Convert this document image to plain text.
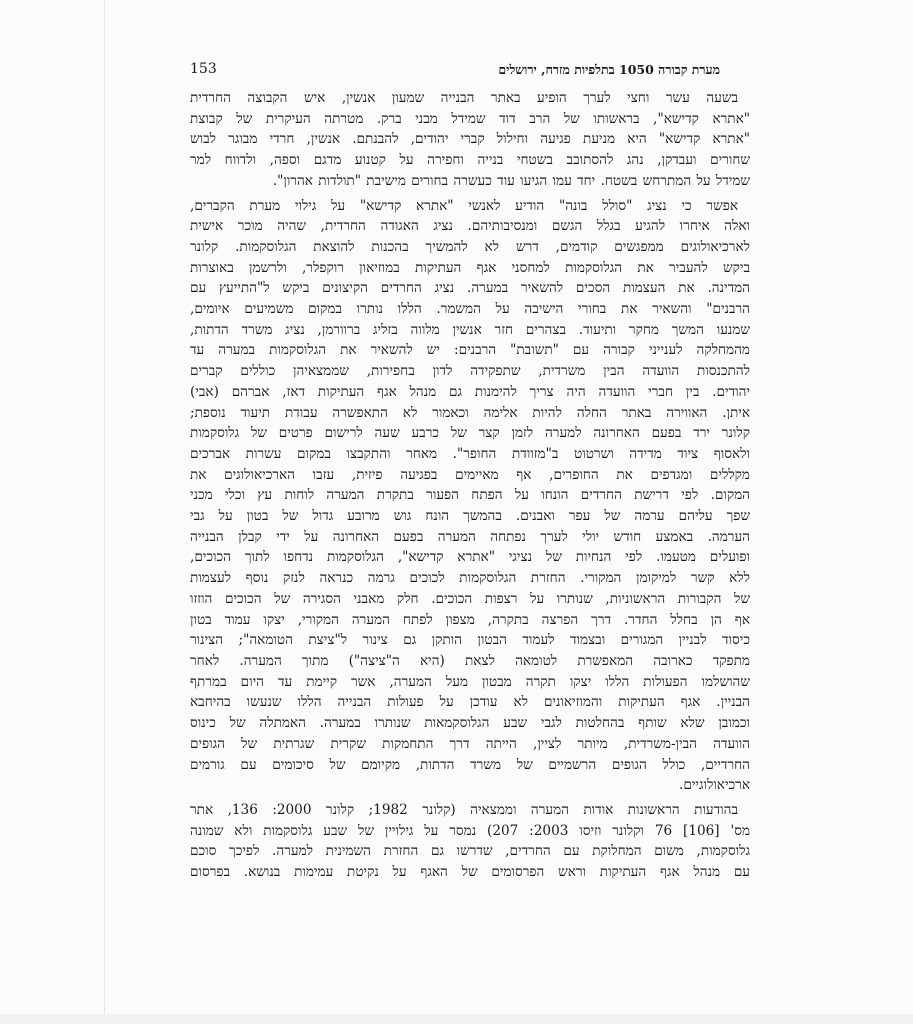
153	מערת קבורה 1050 בתלפיות מזרח, ירושלים

בשעה עשר וחצי לערך הופיע באתר הבנייה שמעון אנשין, איש הקבוצה החרדית
"אתרא קדישא", בראשותו של הרב דוד שמידל מבני ברק. מטרתה העיקרית של קבוצת
"אתרא קדישא" היא מניעת פגיעה וחילול קברי יהודים, להבנתם. אנשין, חרדי מבוגר לבוש
שחורים ועבדקן, נהג להסתובב בשטחי בנייה וחפירה על קטנוע מדגם וספה, ולדווח למר
שמידל על המתרחש בשטח. יחד עמו הגיעו עוד כעשרה בחורים מישיבת "תולדות אהרון".

אפשר כי נציג "סולל בונה" הודיע לאנשי "אתרא קדישא" על גילוי מערת הקברים,
ואלה איחרו להגיע בגלל הגשם ומנסיבותיהם. נציג האגודה החרדית, שהיה מוכר אישית
לארכיאולוגים ממפגשים קודמים, דרש לא להמשיך בהכנות להוצאת הגלוסקמות. קלונר
ביקש להעביר את הגלוסקמות למחסני אגף העתיקות במוזיאון רוקפלר, ולרשמן באוצרות
המדינה. את העצמות הסכים להשאיר במערה. נציג החרדים הקיצונים ביקש ל"התייעץ עם
הרבנים" והשאיר את בחורי הישיבה על המשמר. הללו נותרו במקום משמיעים איומים,
שמנעו המשך מחקר ותיעוד. בצהרים חזר אנשין מלווה בזליג ברוורמן, נציג משרד הדתות,
מהמחלקה לענייני קבורה עם "תשובת" הרבנים: יש להשאיר את הגלוסקמות במערה עד
להתכנסות הוועדה הבין משרדית, שתפקידה לדון בחפירות, שממצאיהן כוללים קברים
יהודים. בין חברי הוועדה היה צריך להימנות גם מנהל אגף העתיקות דאז, אברהם (אבי)
איתן. האווירה באתר החלה להיות אלימה וכאמור לא התאפשרה עבודת תיעוד נוספת;
קלונר ירד בפעם האחרונה למערה לזמן קצר של כרבע שעה לרישום פרטים של גלוסקמות
ולאסוף ציוד מדידה ושרטוט ב"מזוודת החופר". מאחר והתקבצו במקום עשרות אברכים
מקללים ומגדפים את החופרים, אף מאיימים בפגיעה פיזית, עזבו הארכיאולוגים את
המקום. לפי דרישת החרדים הונחו על הפתח הפעור בתקרת המערה לוחות עץ וכלי מכני
שפך עליהם ערמה של עפר ואבנים. בהמשך הונח גוש מרובע גדול של בטון על גבי
הערמה. באמצע חודש יולי לערך נפתחה המערה בפעם האחרונה על ידי קבלן הבנייה
ופועלים מטעמו. לפי הנחיות של נציגי "אתרא קדישא", הגלוסקמות נדחפו לתוך הכוכים,
ללא קשר למיקומן המקורי. החזרת הגלוסקמות לכוכים גרמה כנראה לנזק נוסף לעצמות
של הקבורות הראשוניות, שנותרו על רצפות הכוכים. חלק מאבני הסגירה של הכוכים הוזזו
אף הן בחלל החדר. דרך הפרצה בתקרה, מצפון לפתח המערה המקורי, יצקו עמוד בטון
כיסוד לבניין המגורים ובצמוד לעמוד הבטון הותקן גם צינור ל"ציצת הטומאה"; הצינור
מתפקד כארובה המאפשרת לטומאה לצאת (היא ה"ציצה") מתוך המערה. לאחר
שהושלמו הפעולות הללו יצקו תקרה מבטון מעל המערה, אשר קיימת עד היום במרתף
הבניין. אגף העתיקות והמוזיאונים לא עודכן על פעולות הבנייה הללו שנעשו בהיחבא
וכמובן שלא שותף בהחלטות לגבי שבע הגלוסקמאות שנותרו במערה. האמתלה של כינוס
הוועדה הבין-משרדית, מיותר לציין, הייתה דרך התחמקות שקרית שגרתית של הגופים
החרדיים, כולל הגופים הרשמיים של משרד הדתות, מקיומם של סיכומים עם גורמים
ארכיאולוגיים.

בהודעות הראשונות אודות המערה וממצאיה (קלונר 1982; קלונר 2000: 136, אתר
מס' [106] 76 וקלונר וזיסו 2003: 207) נמסר על גילויין של שבע גלוסקמות ולא שמונה
גלוסקמות, משום המחלוקת עם החרדים, שדרשו גם החזרת השמינית למערה. לפיכך סוכם
עם מנהל אגף העתיקות וראש הפרסומים של האגף על נקיטת עמימות בנושא. בפרסום
